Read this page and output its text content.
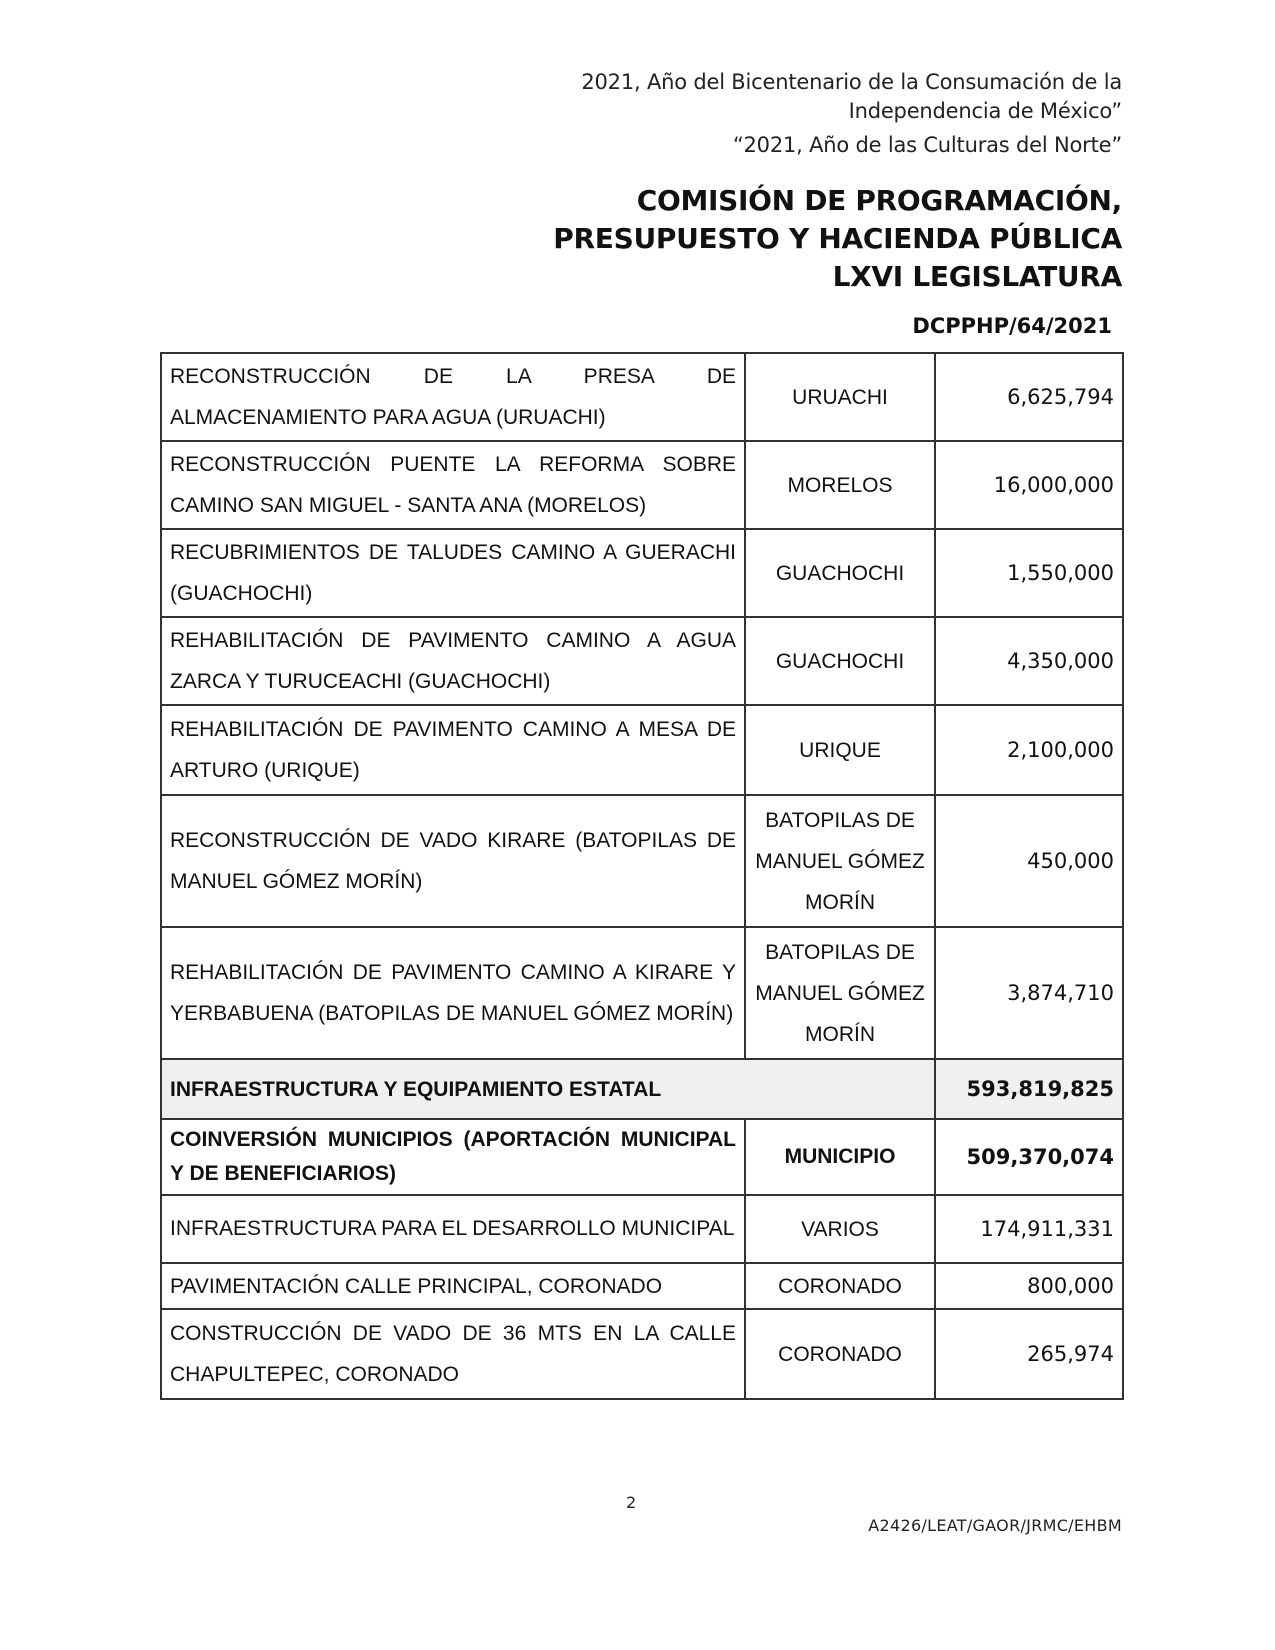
2021, Año del Bicentenario de la Consumación de la
Independencia de México”
“2021, Año de las Culturas del Norte”
COMISIÓN DE PROGRAMACIÓN,
PRESUPUESTO Y HACIENDA PÚBLICA
LXVI LEGISLATURA
DCPPHP/64/2021
RECONSTRUCCIÓN DE LA PRESA DE ALMACENAMIENTO PARA AGUA (URUACHI)	URUACHI	6,625,794
RECONSTRUCCIÓN PUENTE LA REFORMA SOBRE CAMINO SAN MIGUEL - SANTA ANA (MORELOS)	MORELOS	16,000,000
RECUBRIMIENTOS DE TALUDES CAMINO A GUERACHI (GUACHOCHI)	GUACHOCHI	1,550,000
REHABILITACIÓN DE PAVIMENTO CAMINO A AGUA ZARCA Y TURUCEACHI (GUACHOCHI)	GUACHOCHI	4,350,000
REHABILITACIÓN DE PAVIMENTO CAMINO A MESA DE ARTURO (URIQUE)	URIQUE	2,100,000
RECONSTRUCCIÓN DE VADO KIRARE (BATOPILAS DE MANUEL GÓMEZ MORÍN)	BATOPILAS DE MANUEL GÓMEZ MORÍN	450,000
REHABILITACIÓN DE PAVIMENTO CAMINO A KIRARE Y YERBABUENA (BATOPILAS DE MANUEL GÓMEZ MORÍN)	BATOPILAS DE MANUEL GÓMEZ MORÍN	3,874,710
INFRAESTRUCTURA Y EQUIPAMIENTO ESTATAL		593,819,825
COINVERSIÓN MUNICIPIOS (APORTACIÓN MUNICIPAL Y DE BENEFICIARIOS)	MUNICIPIO	509,370,074
INFRAESTRUCTURA PARA EL DESARROLLO MUNICIPAL	VARIOS	174,911,331
PAVIMENTACIÓN CALLE PRINCIPAL, CORONADO	CORONADO	800,000
CONSTRUCCIÓN DE VADO DE 36 MTS EN LA CALLE CHAPULTEPEC, CORONADO	CORONADO	265,974
2
A2426/LEAT/GAOR/JRMC/EHBM
